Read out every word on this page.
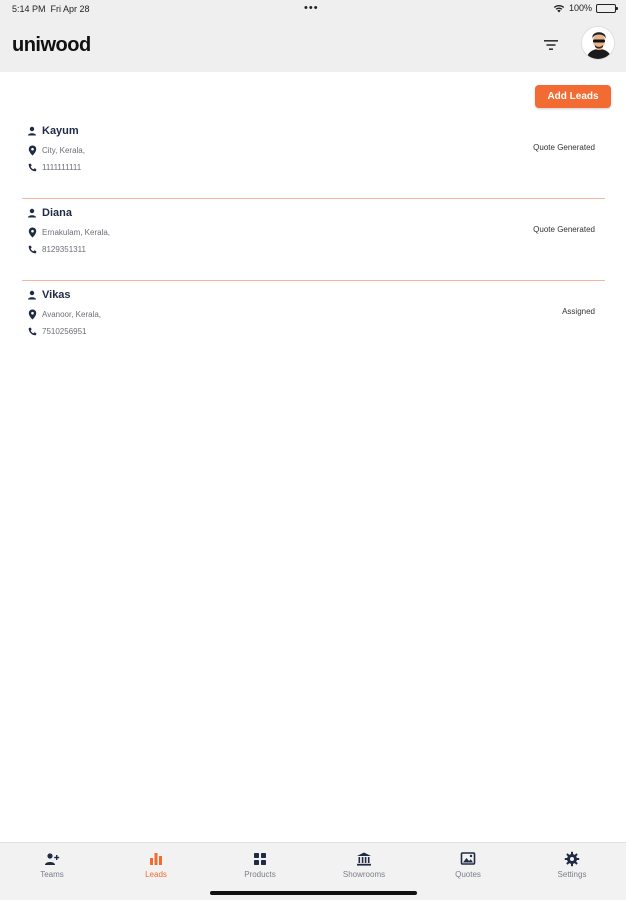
5:14 PM Fri Apr 28	•••	100%
uniwood
Add Leads
Kayum
City, Kerala,
1111111111
Quote Generated
Diana
Ernakulam, Kerala,
8129351311
Quote Generated
Vikas
Avanoor, Kerala,
7510256951
Assigned
Teams	Leads	Products	Showrooms	Quotes	Settings
